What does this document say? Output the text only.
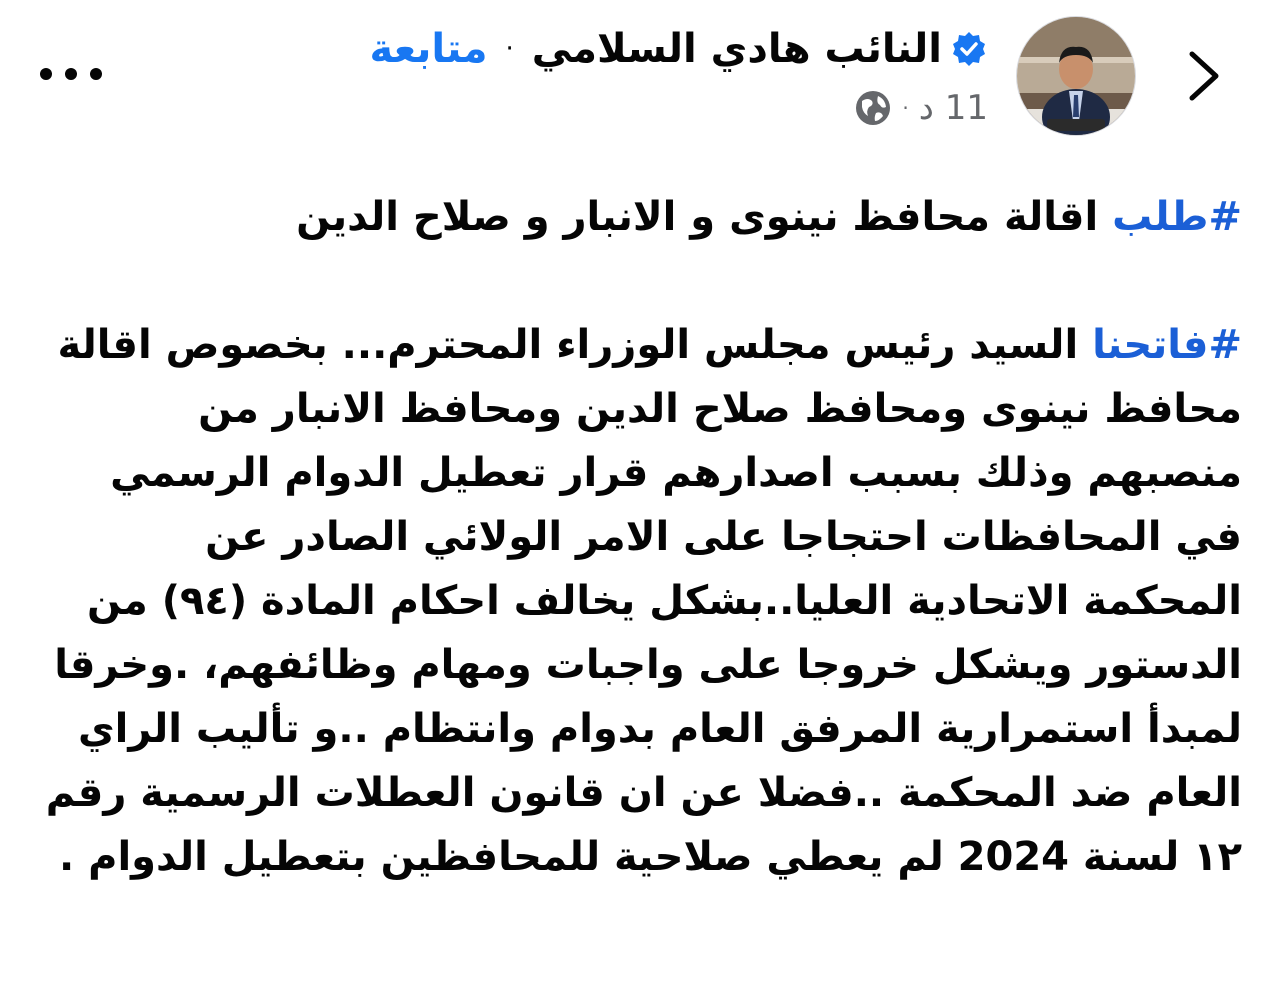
النائب هادي السلامي
·
متابعة
11 د
·

#طلب اقالة محافظ نينوى و الانبار و صلاح الدين

#فاتحنا السيد رئيس مجلس الوزراء المحترم... بخصوص اقالة محافظ نينوى ومحافظ صلاح الدين ومحافظ الانبار من منصبهم وذلك بسبب اصدارهم قرار تعطيل الدوام الرسمي في المحافظات احتجاجا على الامر الولائي الصادر عن المحكمة الاتحادية العليا..بشكل يخالف احكام المادة (٩٤) من الدستور ويشكل خروجا على واجبات ومهام وظائفهم، .وخرقا لمبدأ استمرارية المرفق العام بدوام وانتظام ..و تأليب الراي العام ضد المحكمة ..فضلا عن ان قانون العطلات الرسمية رقم ١٢ لسنة 2024 لم يعطي صلاحية للمحافظين بتعطيل الدوام .
